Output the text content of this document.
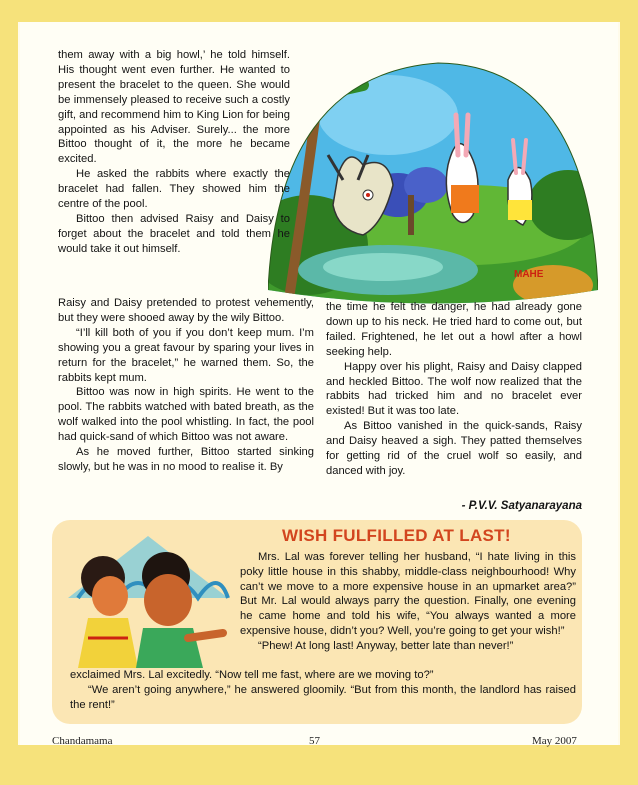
MAHE

them away with a big howl,’ he told himself. His thought went even further. He wanted to present the bracelet to the queen. She would be immensely pleased to receive such a costly gift, and recommend him to King Lion for being appointed as his Adviser. Surely... the more Bittoo thought of it, the more he became excited.

He asked the rabbits where exactly the bracelet had fallen. They showed him the centre of the pool.

Bittoo then advised Raisy and Daisy to forget about the bracelet and told them he would take it out himself.

Raisy and Daisy pretended to protest vehemently, but they were shooed away by the wily Bittoo.

“I’ll kill both of you if you don’t keep mum. I’m showing you a great favour by sparing your lives in return for the bracelet,” he warned them. So, the rabbits kept mum.

Bittoo was now in high spirits. He went to the pool. The rabbits watched with bated breath, as the wolf walked into the pool whistling. In fact, the pool had quick-sand of which Bittoo was not aware.

As he moved further, Bittoo started sinking slowly, but he was in no mood to realise it. By

the time he felt the danger, he had already gone down up to his neck. He tried hard to come out, but failed. Frightened, he let out a howl after a howl seeking help.

Happy over his plight, Raisy and Daisy clapped and heckled Bittoo. The wolf now realized that the rabbits had tricked him and no bracelet ever existed! But it was too late.

As Bittoo vanished in the quick-sands, Raisy and Daisy heaved a sigh. They patted themselves for getting rid of the cruel wolf so easily, and danced with joy.

- P.V.V. Satyanarayana
WISH FULFILLED AT LAST!

Mrs. Lal was forever telling her husband, “I hate living in this poky little house in this shabby, middle-class neighbourhood! Why can’t we move to a more expensive house in an upmarket area?” But Mr. Lal would always parry the question. Finally, one evening he came home and told his wife, “You always wanted a more expensive house, didn’t you? Well, you’re going to get your wish!”

“Phew! At long last! Anyway, better late than never!”

exclaimed Mrs. Lal excitedly. “Now tell me fast, where are we moving to?”

“We aren’t going anywhere,” he answered gloomily. “But from this month, the landlord has raised the rent!”

Chandamama	57	May 2007
